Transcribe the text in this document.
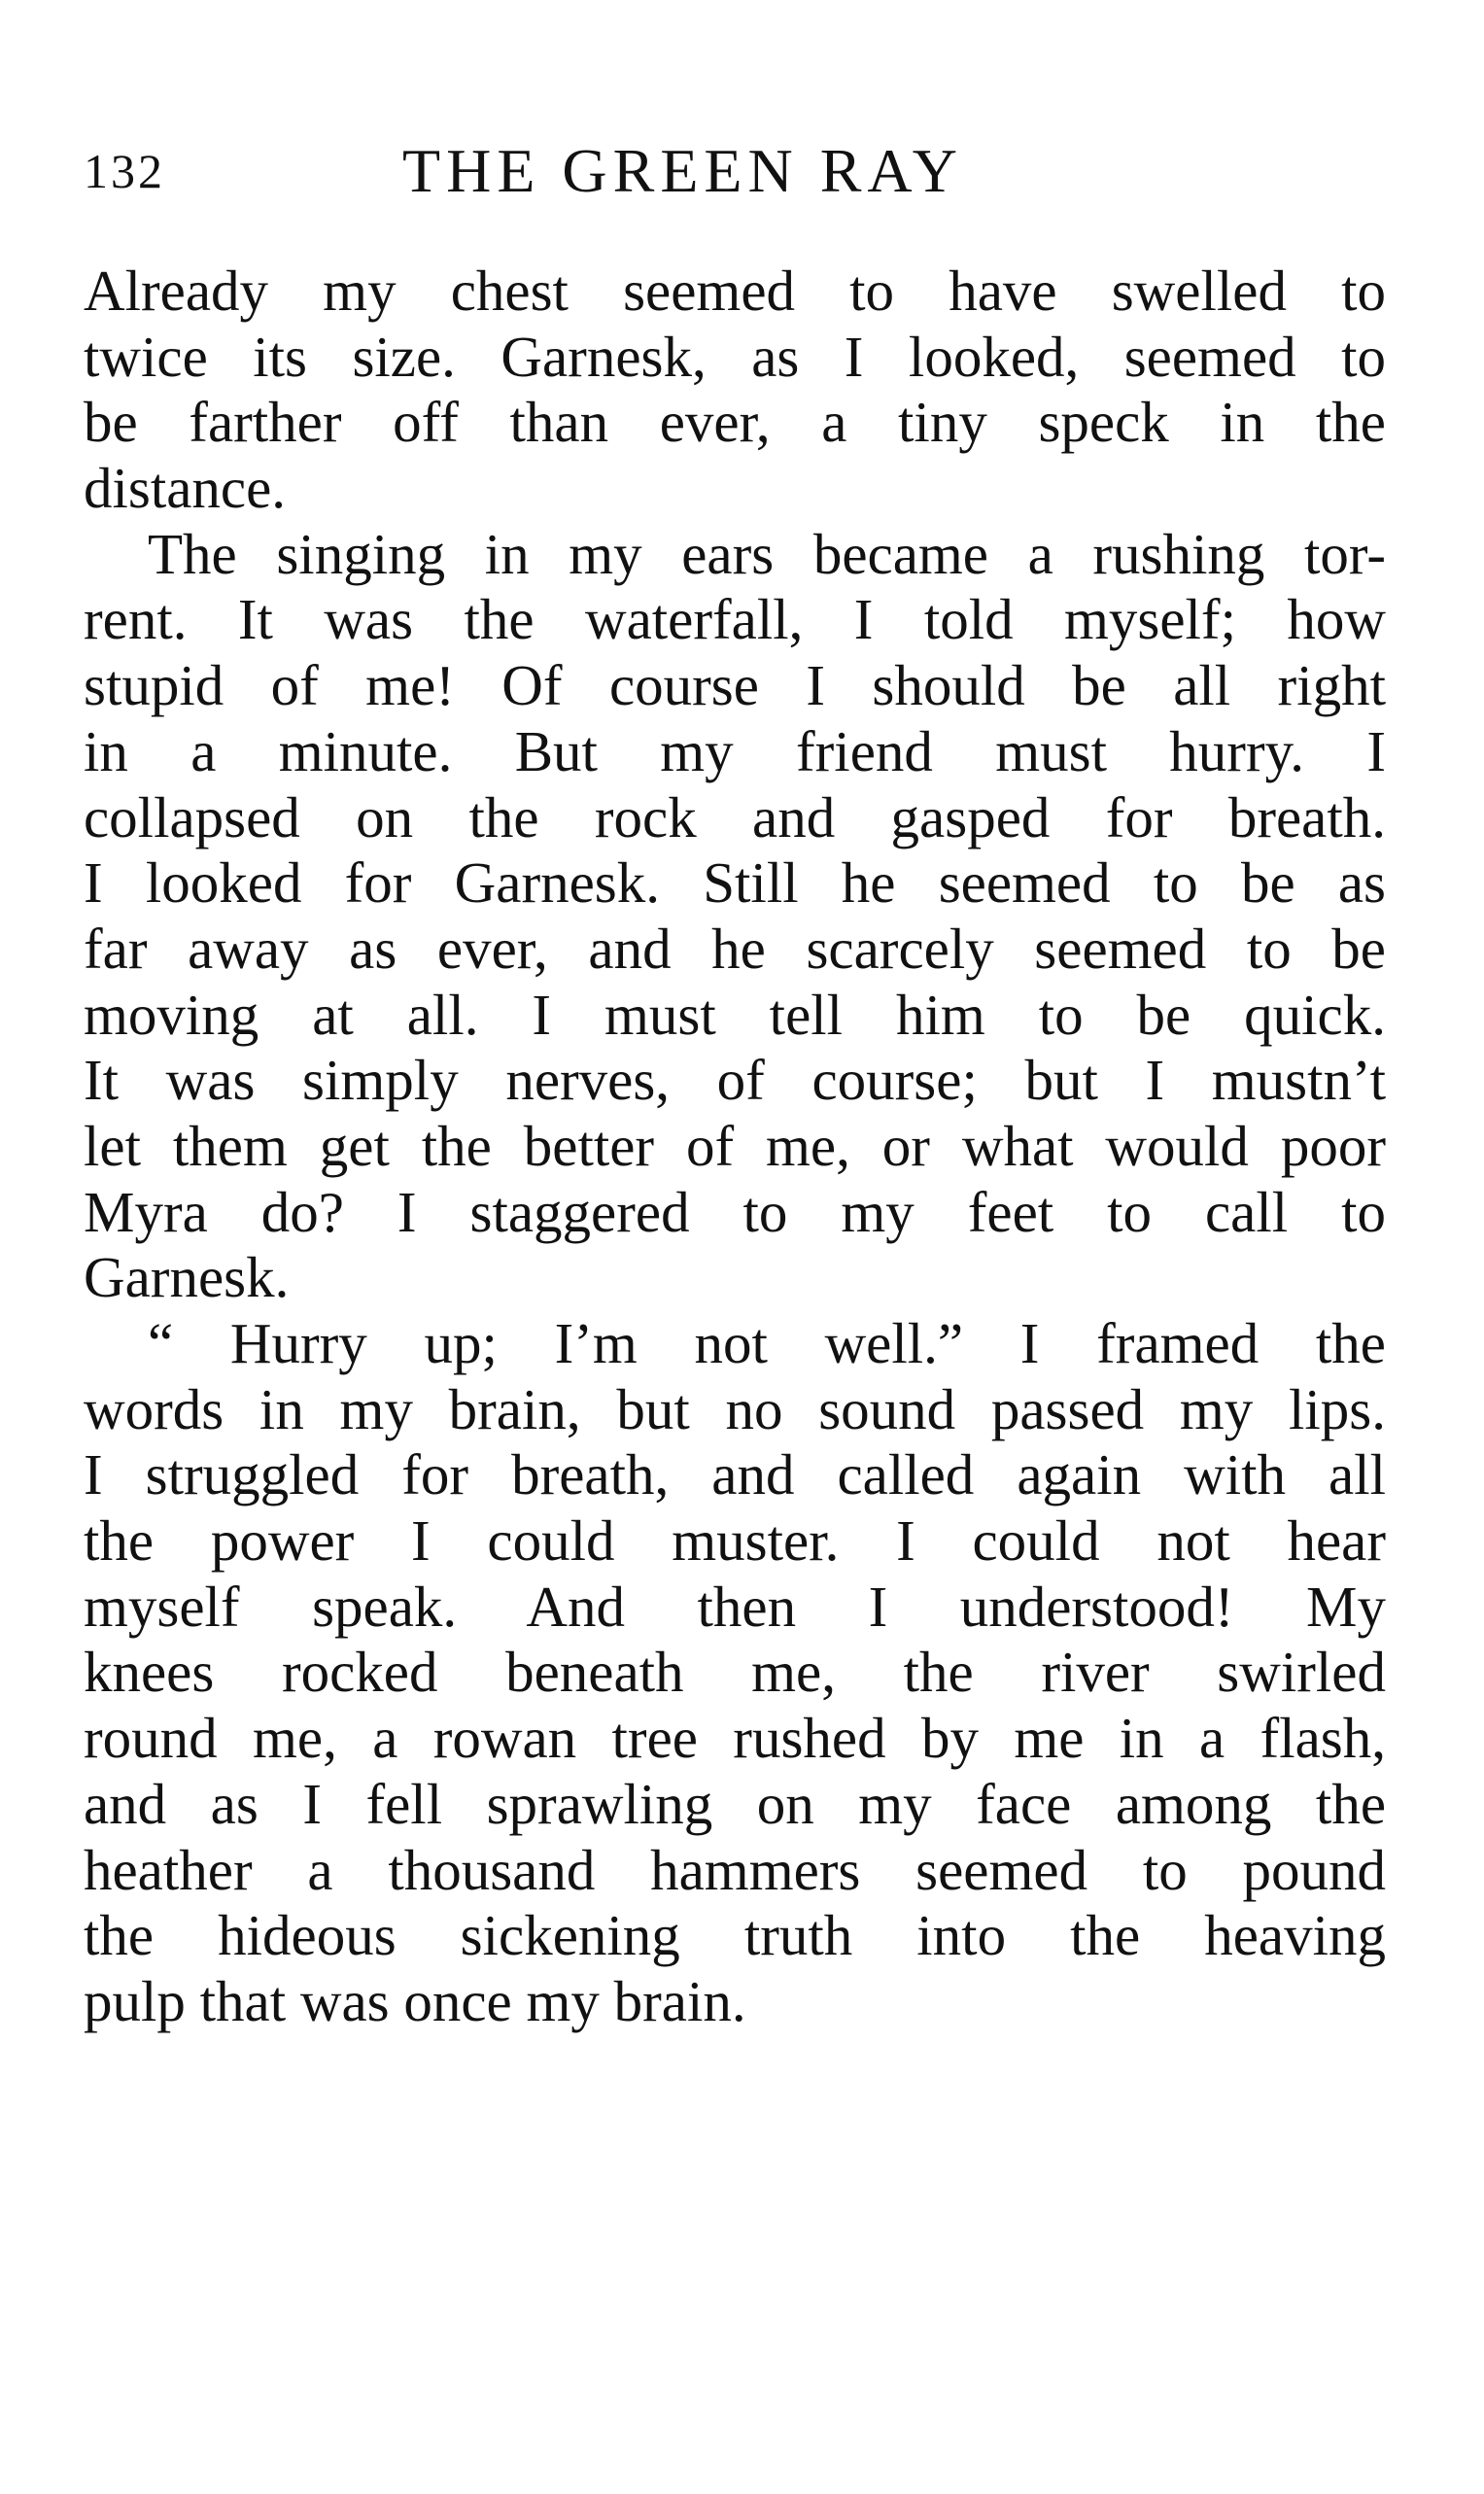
132	THE GREEN RAY
Already my chest seemed to have swelled to
twice its size. Garnesk, as I looked, seemed to
be farther off than ever, a tiny speck in the
distance.
The singing in my ears became a rushing tor-
rent. It was the waterfall, I told myself; how
stupid of me! Of course I should be all right
in a minute. But my friend must hurry. I
collapsed on the rock and gasped for breath.
I looked for Garnesk. Still he seemed to be as
far away as ever, and he scarcely seemed to be
moving at all. I must tell him to be quick.
It was simply nerves, of course; but I mustn’t
let them get the better of me, or what would poor
Myra do? I staggered to my feet to call to
Garnesk.
“ Hurry up; I’m not well.” I framed the
words in my brain, but no sound passed my lips.
I struggled for breath, and called again with all
the power I could muster. I could not hear
myself speak. And then I understood! My
knees rocked beneath me, the river swirled
round me, a rowan tree rushed by me in a flash,
and as I fell sprawling on my face among the
heather a thousand hammers seemed to pound
the hideous sickening truth into the heaving
pulp that was once my brain.
